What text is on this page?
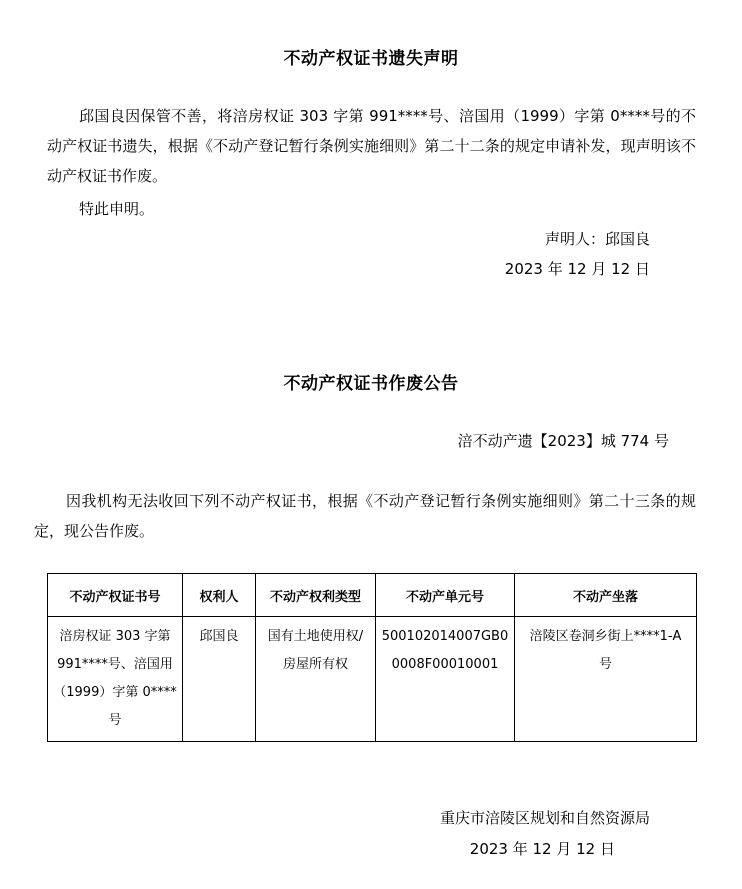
不动产权证书遗失声明
邱国良因保管不善，将涪房权证 303 字第 991****号、涪国用（1999）字第 0****号的不动产权证书遗失，根据《不动产登记暂行条例实施细则》第二十二条的规定申请补发，现声明该不动产权证书作废。
特此申明。
声明人：邱国良
2023 年 12 月 12 日
不动产权证书作废公告
涪不动产遗【2023】城 774 号
因我机构无法收回下列不动产权证书，根据《不动产登记暂行条例实施细则》第二十三条的规定，现公告作废。
不动产权证书号	权利人	不动产权利类型	不动产单元号	不动产坐落
涪房权证 303 字第 991****号、涪国用（1999）字第 0****号	邱国良	国有土地使用权/房屋所有权	500102014007GB00008F00010001	涪陵区卷洞乡街上****1-A 号
重庆市涪陵区规划和自然资源局
2023 年 12 月 12 日
